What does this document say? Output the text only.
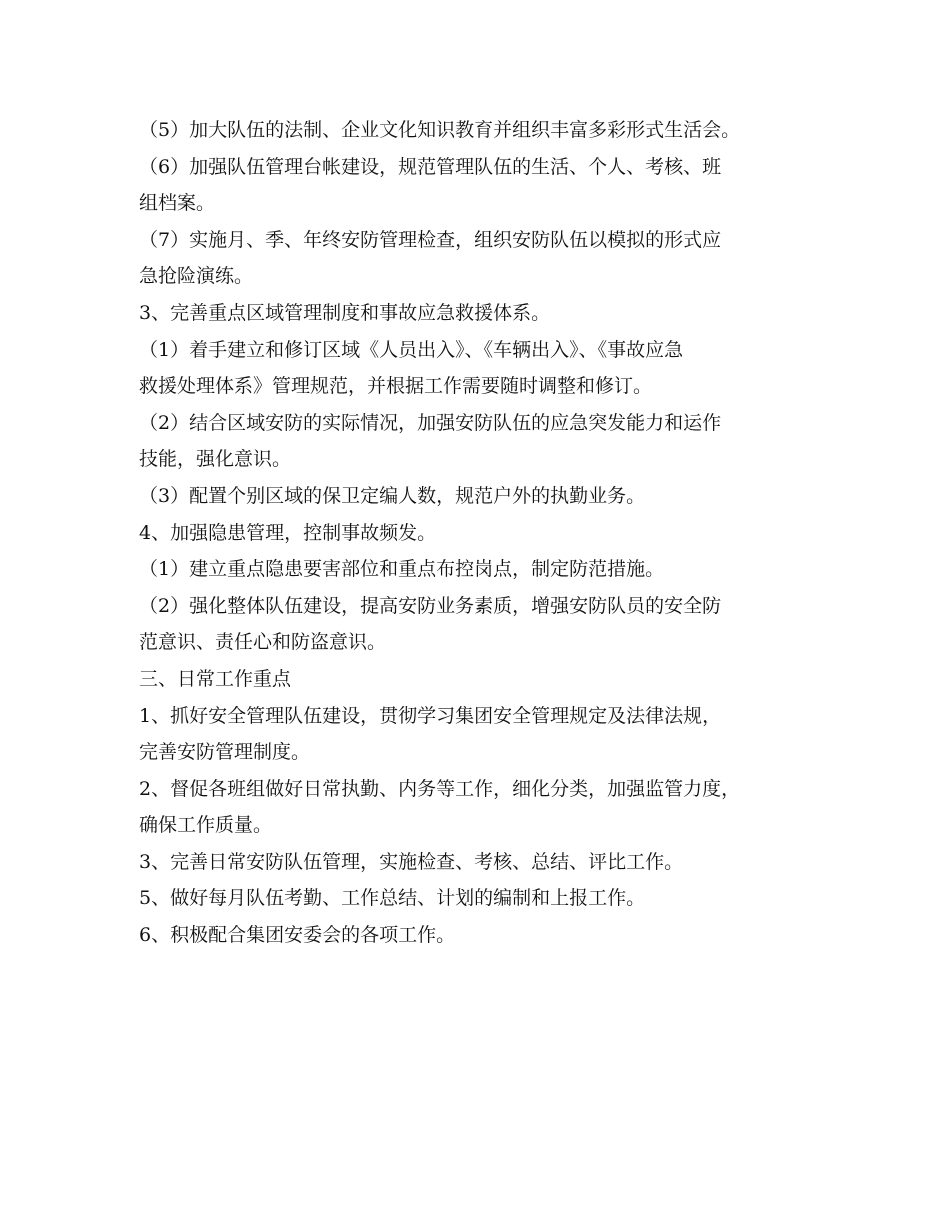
（5）加大队伍的法制、企业文化知识教育并组织丰富多彩形式生活会。
（6）加强队伍管理台帐建设，规范管理队伍的生活、个人、考核、班
组档案。
（7）实施月、季、年终安防管理检查，组织安防队伍以模拟的形式应
急抢险演练。
3、完善重点区域管理制度和事故应急救援体系。
（1）着手建立和修订区域《人员出入》、《车辆出入》、《事故应急
救援处理体系》管理规范，并根据工作需要随时调整和修订。
（2）结合区域安防的实际情况，加强安防队伍的应急突发能力和运作
技能，强化意识。
（3）配置个别区域的保卫定编人数，规范户外的执勤业务。
4、加强隐患管理，控制事故频发。
（1）建立重点隐患要害部位和重点布控岗点，制定防范措施。
（2）强化整体队伍建设，提高安防业务素质，增强安防队员的安全防
范意识、责任心和防盗意识。
三、日常工作重点
1、抓好安全管理队伍建设，贯彻学习集团安全管理规定及法律法规，
完善安防管理制度。
2、督促各班组做好日常执勤、内务等工作，细化分类，加强监管力度，
确保工作质量。
3、完善日常安防队伍管理，实施检查、考核、总结、评比工作。
5、做好每月队伍考勤、工作总结、计划的编制和上报工作。
6、积极配合集团安委会的各项工作。
